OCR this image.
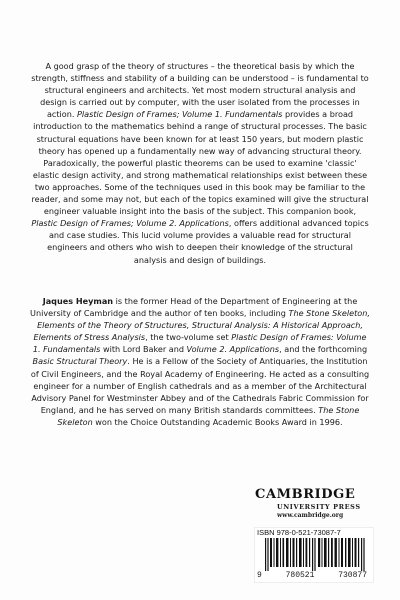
A good grasp of the theory of structures – the theoretical basis by which the strength, stiffness and stability of a building can be understood – is fundamental to structural engineers and architects. Yet most modern structural analysis and design is carried out by computer, with the user isolated from the processes in action. Plastic Design of Frames; Volume 1. Fundamentals provides a broad introduction to the mathematics behind a range of structural processes. The basic structural equations have been known for at least 150 years, but modern plastic theory has opened up a fundamentally new way of advancing structural theory. Paradoxically, the powerful plastic theorems can be used to examine 'classic' elastic design activity, and strong mathematical relationships exist between these two approaches. Some of the techniques used in this book may be familiar to the reader, and some may not, but each of the topics examined will give the structural engineer valuable insight into the basis of the subject. This companion book, Plastic Design of Frames; Volume 2. Applications, offers additional advanced topics and case studies. This lucid volume provides a valuable read for structural engineers and others who wish to deepen their knowledge of the structural analysis and design of buildings.
Jaques Heyman is the former Head of the Department of Engineering at the University of Cambridge and the author of ten books, including The Stone Skeleton, Elements of the Theory of Structures, Structural Analysis: A Historical Approach, Elements of Stress Analysis, the two-volume set Plastic Design of Frames: Volume 1. Fundamentals with Lord Baker and Volume 2. Applications, and the forthcoming Basic Structural Theory. He is a Fellow of the Society of Antiquaries, the Institution of Civil Engineers, and the Royal Academy of Engineering. He acted as a consulting engineer for a number of English cathedrals and as a member of the Architectural Advisory Panel for Westminster Abbey and of the Cathedrals Fabric Commission for England, and he has served on many British standards committees. The Stone Skeleton won the Choice Outstanding Academic Books Award in 1996.
CAMBRIDGE
UNIVERSITY PRESS
www.cambridge.org
ISBN 978-0-521-73087-7
9	780521	730877
